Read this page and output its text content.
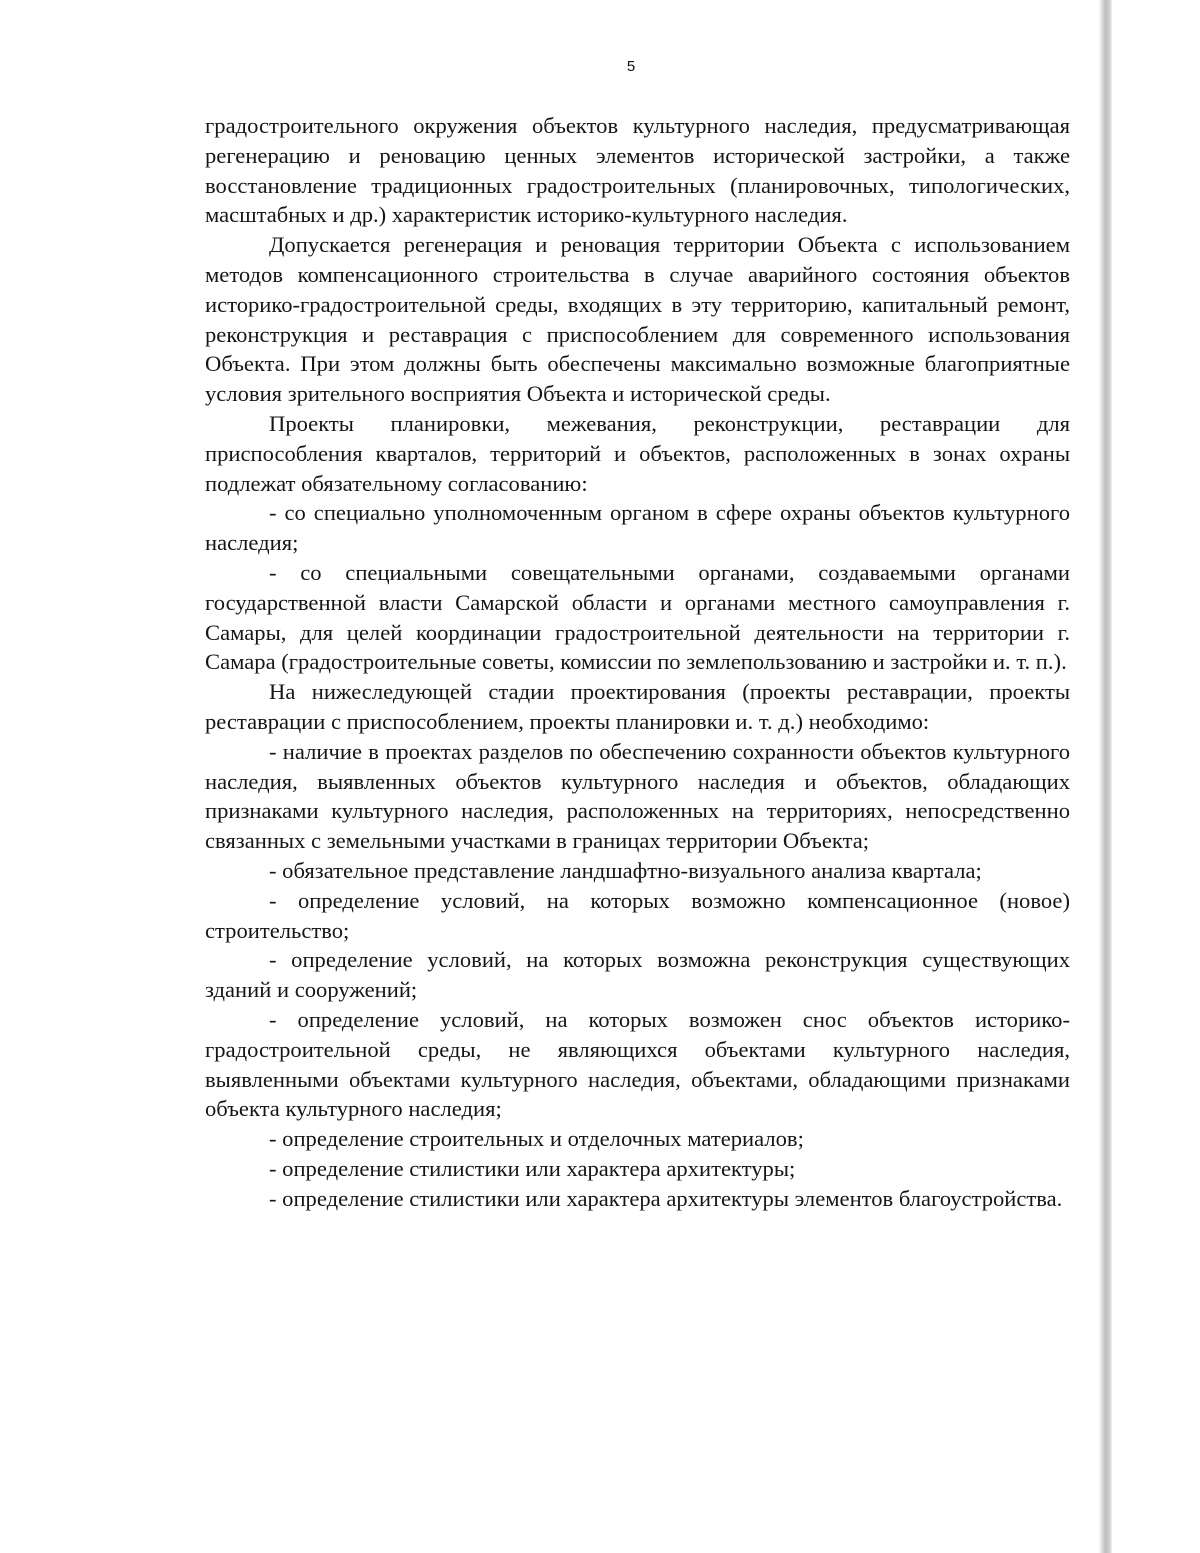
5

градостроительного окружения объектов культурного наследия, предусматривающая регенерацию и реновацию ценных элементов исторической застройки, а также восстановление традиционных градостроительных (планировочных, типологических, масштабных и др.) характеристик историко-культурного наследия.

Допускается регенерация и реновация территории Объекта с использованием методов компенсационного строительства в случае аварийного состояния объектов историко-градостроительной среды, входящих в эту территорию, капитальный ремонт, реконструкция и реставрация с приспособлением для современного использования Объекта. При этом должны быть обеспечены максимально возможные благоприятные условия зрительного восприятия Объекта и исторической среды.

Проекты планировки, межевания, реконструкции, реставрации для приспособления кварталов, территорий и объектов, расположенных в зонах охраны подлежат обязательному согласованию:

- со специально уполномоченным органом в сфере охраны объектов культурного наследия;

- со специальными совещательными органами, создаваемыми органами государственной власти Самарской области и органами местного самоуправления г. Самары, для целей координации градостроительной деятельности на территории г. Самара (градостроительные советы, комиссии по землепользованию и застройки и. т. п.).

На нижеследующей стадии проектирования (проекты реставрации, проекты реставрации с приспособлением, проекты планировки и. т. д.) необходимо:

- наличие в проектах разделов по обеспечению сохранности объектов культурного наследия, выявленных объектов культурного наследия и объектов, обладающих признаками культурного наследия, расположенных на территориях, непосредственно связанных с земельными участками в границах территории Объекта;

- обязательное представление ландшафтно-визуального анализа квартала;

- определение условий, на которых возможно компенсационное (новое) строительство;

- определение условий, на которых возможна реконструкция существующих зданий и сооружений;

- определение условий, на которых возможен снос объектов историко-градостроительной среды, не являющихся объектами культурного наследия, выявленными объектами культурного наследия, объектами, обладающими признаками объекта культурного наследия;

- определение строительных и отделочных материалов;

- определение стилистики или характера архитектуры;

- определение стилистики или характера архитектуры элементов благоустройства.
